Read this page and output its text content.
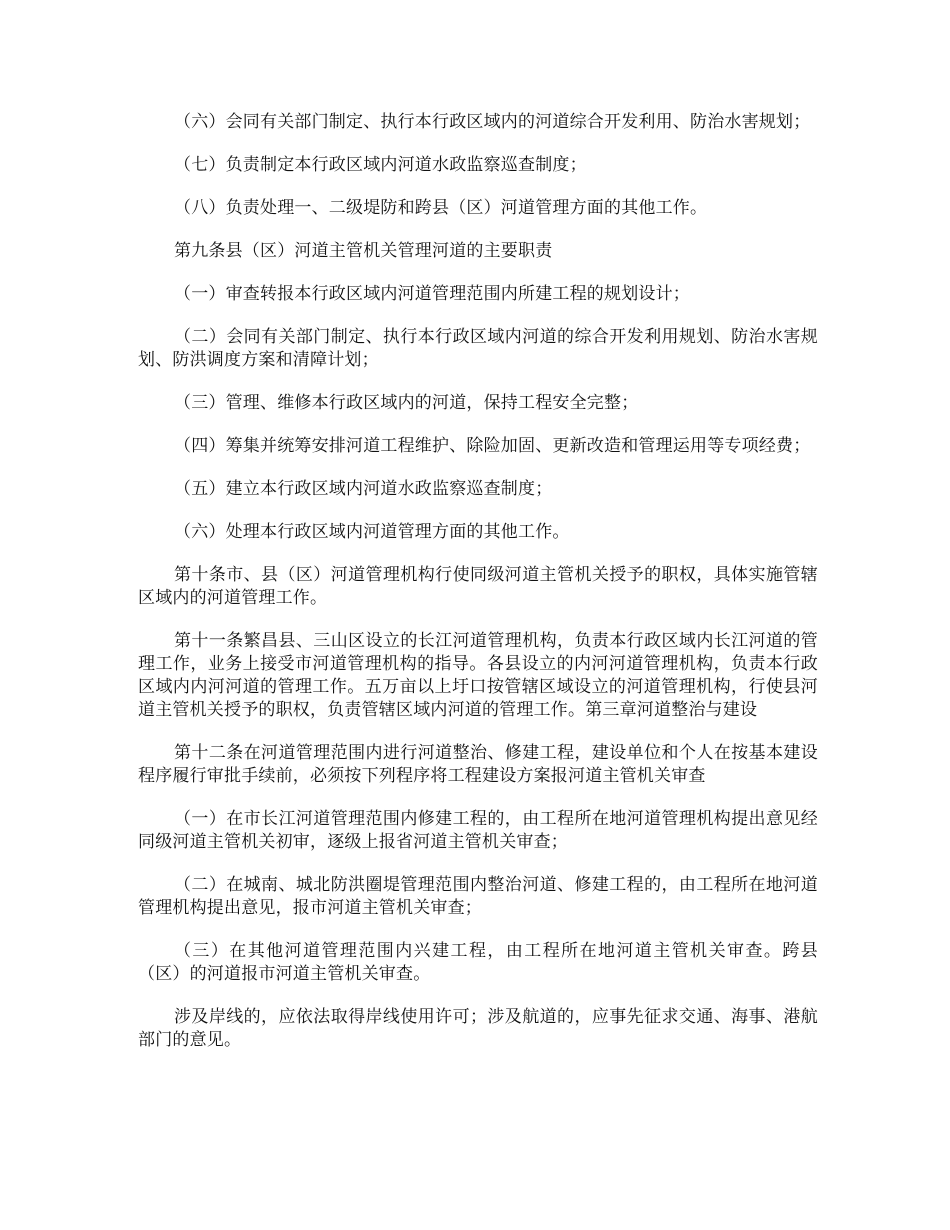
（六）会同有关部门制定、执行本行政区域内的河道综合开发利用、防治水害规划；

（七）负责制定本行政区域内河道水政监察巡查制度；

（八）负责处理一、二级堤防和跨县（区）河道管理方面的其他工作。

第九条县（区）河道主管机关管理河道的主要职责

（一）审查转报本行政区域内河道管理范围内所建工程的规划设计；

（二）会同有关部门制定、执行本行政区域内河道的综合开发利用规划、防治水害规划、防洪调度方案和清障计划；

（三）管理、维修本行政区域内的河道，保持工程安全完整；

（四）筹集并统筹安排河道工程维护、除险加固、更新改造和管理运用等专项经费；

（五）建立本行政区域内河道水政监察巡查制度；

（六）处理本行政区域内河道管理方面的其他工作。

第十条市、县（区）河道管理机构行使同级河道主管机关授予的职权，具体实施管辖区域内的河道管理工作。

第十一条繁昌县、三山区设立的长江河道管理机构，负责本行政区域内长江河道的管理工作，业务上接受市河道管理机构的指导。各县设立的内河河道管理机构，负责本行政区域内内河河道的管理工作。五万亩以上圩口按管辖区域设立的河道管理机构，行使县河道主管机关授予的职权，负责管辖区域内河道的管理工作。第三章河道整治与建设

第十二条在河道管理范围内进行河道整治、修建工程，建设单位和个人在按基本建设程序履行审批手续前，必须按下列程序将工程建设方案报河道主管机关审查

（一）在市长江河道管理范围内修建工程的，由工程所在地河道管理机构提出意见经同级河道主管机关初审，逐级上报省河道主管机关审查；

（二）在城南、城北防洪圈堤管理范围内整治河道、修建工程的，由工程所在地河道管理机构提出意见，报市河道主管机关审查；

（三）在其他河道管理范围内兴建工程，由工程所在地河道主管机关审查。跨县（区）的河道报市河道主管机关审查。

涉及岸线的，应依法取得岸线使用许可；涉及航道的，应事先征求交通、海事、港航部门的意见。
